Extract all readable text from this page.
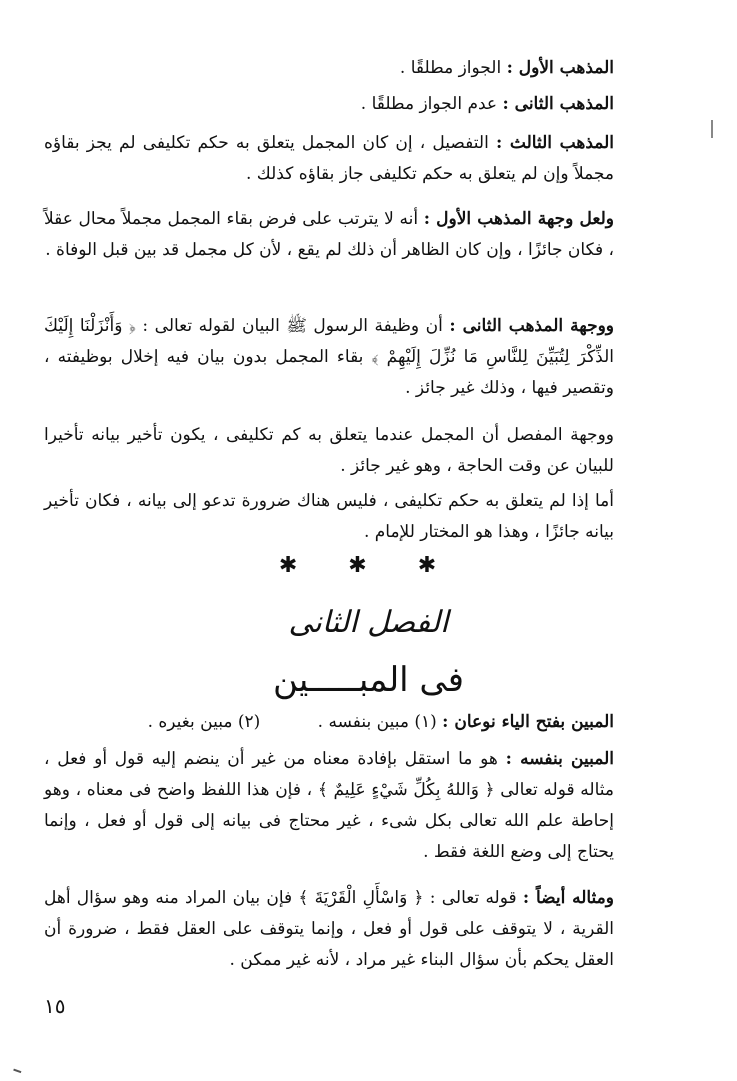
المذهب الأول : الجواز مطلقًا .
المذهب الثانى : عدم الجواز مطلقًا .
المذهب الثالث : التفصيل ، إن كان المجمل يتعلق به حكم تكليفى لم يجز بقاؤه مجملاً وإن لم يتعلق به حكم تكليفى جاز بقاؤه كذلك .
ولعل وجهة المذهب الأول : أنه لا يترتب على فرض بقاء المجمل مجملاً محال عقلاً ، فكان جائزًا ، وإن كان الظاهر أن ذلك لم يقع ، لأن كل مجمل قد بين قبل الوفاة .
ووجهة المذهب الثانى : أن وظيفة الرسول ﷺ البيان لقوله تعالى : ﴿ وَأَنْزَلْنَا إِلَيْكَ الذِّكْرَ لِتُبَيِّنَ لِلنَّاسِ مَا نُزِّلَ إِلَيْهِمْ ﴾ بقاء المجمل بدون بيان فيه إخلال بوظيفته ، وتقصير فيها ، وذلك غير جائز .
ووجهة المفصل أن المجمل عندما يتعلق به كم تكليفى ، يكون تأخير بيانه تأخيرا للبيان عن وقت الحاجة ، وهو غير جائز .
أما إذا لم يتعلق به حكم تكليفى ، فليس هناك ضرورة تدعو إلى بيانه ، فكان تأخير بيانه جائزًا ، وهذا هو المختار للإمام .
✱ ✱ ✱
الفصل الثانى
فى المبـــــين
المبين بفتح الياء نوعان : (١) مبين بنفسه . (٢) مبين بغيره .
المبين بنفسه : هو ما استقل بإفادة معناه من غير أن ينضم إليه قول أو فعل ، مثاله قوله تعالى ﴿ وَاللهُ بِكُلِّ شَيْءٍ عَلِيمٌ ﴾ ، فإن هذا اللفظ واضح فى معناه ، وهو إحاطة علم الله تعالى بكل شىء ، غير محتاج فى بيانه إلى قول أو فعل ، وإنما يحتاج إلى وضع اللغة فقط .
ومثاله أيضاً : قوله تعالى : ﴿ وَاسْأَلِ الْقَرْيَةَ ﴾ فإن بيان المراد منه وهو سؤال أهل القرية ، لا يتوقف على قول أو فعل ، وإنما يتوقف على العقل فقط ، ضرورة أن العقل يحكم بأن سؤال البناء غير مراد ، لأنه غير ممكن .
١٥
